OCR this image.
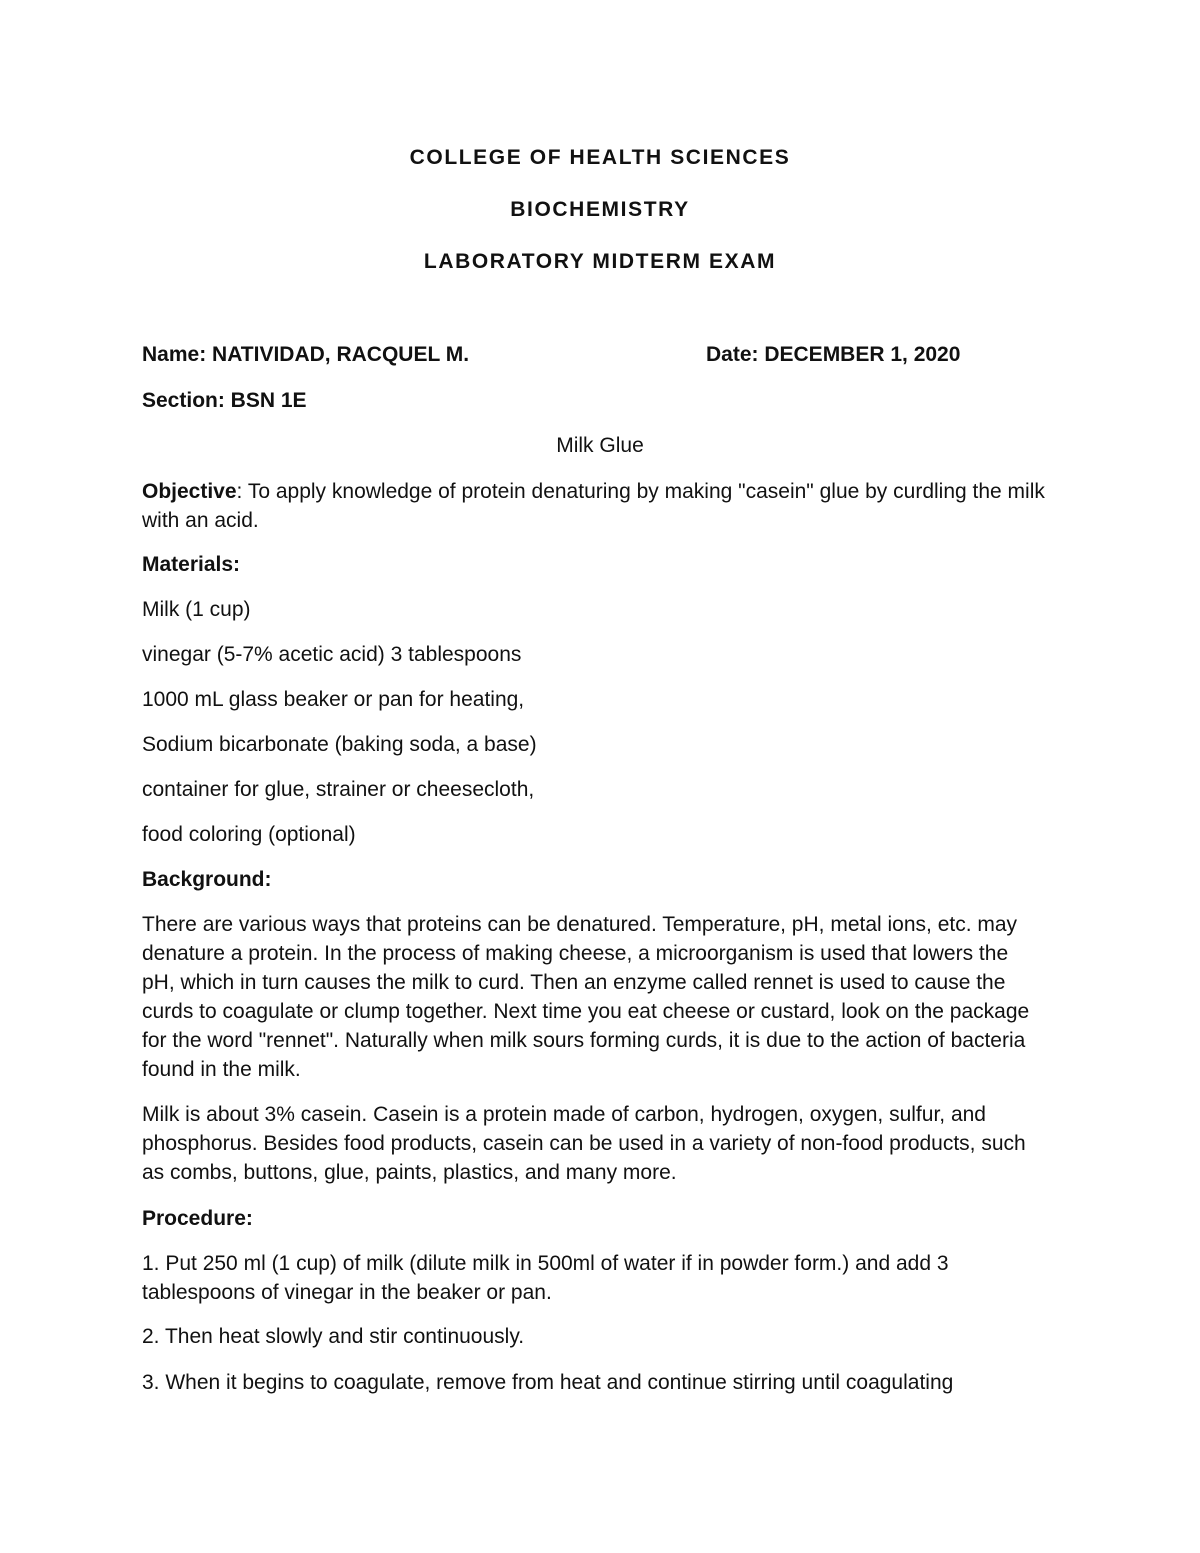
COLLEGE OF HEALTH SCIENCES
BIOCHEMISTRY
LABORATORY MIDTERM EXAM
Name: NATIVIDAD, RACQUEL M.	Date: DECEMBER 1, 2020
Section: BSN 1E
Milk Glue
Objective: To apply knowledge of protein denaturing by making "casein" glue by curdling the milk with an acid.
Materials:
Milk (1 cup)
vinegar (5-7% acetic acid) 3 tablespoons
1000 mL glass beaker or pan for heating,
Sodium bicarbonate (baking soda, a base)
container for glue, strainer or cheesecloth,
food coloring (optional)
Background:
There are various ways that proteins can be denatured. Temperature, pH, metal ions, etc. may denature a protein. In the process of making cheese, a microorganism is used that lowers the pH, which in turn causes the milk to curd. Then an enzyme called rennet is used to cause the curds to coagulate or clump together. Next time you eat cheese or custard, look on the package for the word "rennet". Naturally when milk sours forming curds, it is due to the action of bacteria found in the milk.
Milk is about 3% casein. Casein is a protein made of carbon, hydrogen, oxygen, sulfur, and phosphorus. Besides food products, casein can be used in a variety of non-food products, such as combs, buttons, glue, paints, plastics, and many more.
Procedure:
1. Put 250 ml (1 cup) of milk (dilute milk in 500ml of water if in powder form.) and add 3 tablespoons of vinegar in the beaker or pan.
2. Then heat slowly and stir continuously.
3. When it begins to coagulate, remove from heat and continue stirring until coagulating
